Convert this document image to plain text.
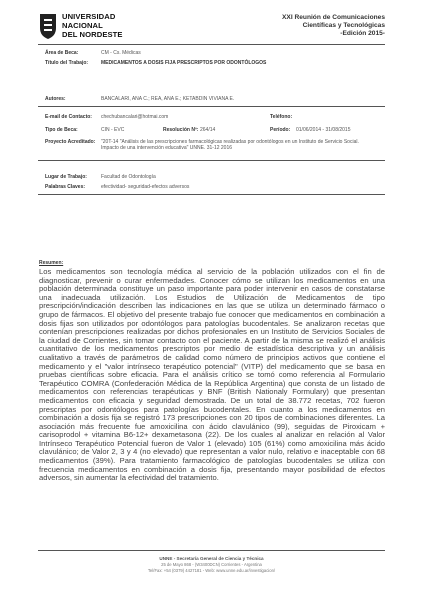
UNIVERSIDAD
NACIONAL
DEL NORDESTE
XXI Reunión de Comunicaciones
Científicas y Tecnológicas
-Edición 2015-
Área de Beca:	CM - Cs. Médicas
Título del Trabajo:	MEDICAMENTOS A DOSIS FIJA PRESCRIPTOS POR ODONTÓLOGOS
Autores:	BANCALARI, ANA C.; REA, ANA E.; KETABDIN VIVIANA E.
E-mail de Contacto: chechubancalari@hotmai.com	Teléfono:
Tipo de Beca:	CIN - EVC	Resolución Nº: 264/14	Período: 01/06/2014 - 31/08/2015
Proyecto Acreditado: "20T-14 "Análisis de las prescripciones farmacológicas realizadas por odontólogos en un Instituto de Servicio Social. Impacto de una intervención educativa" UNNE. 31-12 2016
Lugar de Trabajo:	Facultad de Odontología
Palabras Claves:	efectividad- seguridad-efectos adversos
Resumen:

Los medicamentos son tecnología médica al servicio de la población utilizados con el fin de diagnosticar, prevenir o curar enfermedades. Conocer cómo se utilizan los medicamentos en una población determinada constituye un paso importante para poder intervenir en casos de constatarse una inadecuada utilización. Los Estudios de Utilización de Medicamentos de tipo prescripción/indicación describen las indicaciones en las que se utiliza un determinado fármaco o grupo de fármacos. El objetivo del presente trabajo fue conocer que medicamentos en combinación a dosis fijas son utilizados por odontólogos para patologías bucodentales. Se analizaron recetas que contenían prescripciones realizadas por dichos profesionales en un Instituto de Servicios Sociales de la ciudad de Corrientes, sin tomar contacto con el paciente. A partir de la misma se realizó el análisis cuantitativo de los medicamentos prescriptos por medio de estadística descriptiva y un análisis cualitativo a través de parámetros de calidad como número de principios activos que contiene el medicamento y el "valor intrínseco terapéutico potencial" (VITP) del medicamento que se basa en pruebas científicas sobre eficacia. Para el análisis crítico se tomó como referencia al Formulario Terapéutico COMRA (Confederación Médica de la República Argentina) que consta de un listado de medicamentos con referencias terapéuticas y BNF (British Nationaly Formulary) que presentan medicamentos con eficacia y seguridad demostrada. De un total de 38.772 recetas, 702 fueron prescriptas por odontólogos para patologías bucodentales. En cuanto a los medicamentos en combinación a dosis fija se registró 173 prescripciones con 20 tipos de combinaciones diferentes. La asociación más frecuente fue amoxicilina con ácido clavulánico (99), seguidas de Piroxicam + carisoprodol + vitamina B6-12+ dexametasona (22). De los cuales al analizar en relación al Valor Intrínseco Terapéutico Potencial fueron de Valor 1 (elevado) 105 (61%) como amoxicilina más ácido clavulánico; de Valor 2, 3 y 4 (no elevado) que representan a valor nulo, relativo e inaceptable con 68 medicamentos (39%). Para tratamiento farmacológico de patologías bucodentales se utiliza con frecuencia medicamentos en combinación a dosis fija, presentando mayor posibilidad de efectos adversos, sin aumentar la efectividad del tratamiento.

UNNE - Secretaría General de Ciencia y Técnica
25 de Mayo 868 - (W3400DCN) Corrientes - Argentina
Tel/Fax: +54 (0379) 4427181 - Web: www.unne.edu.ar/investigacion/
